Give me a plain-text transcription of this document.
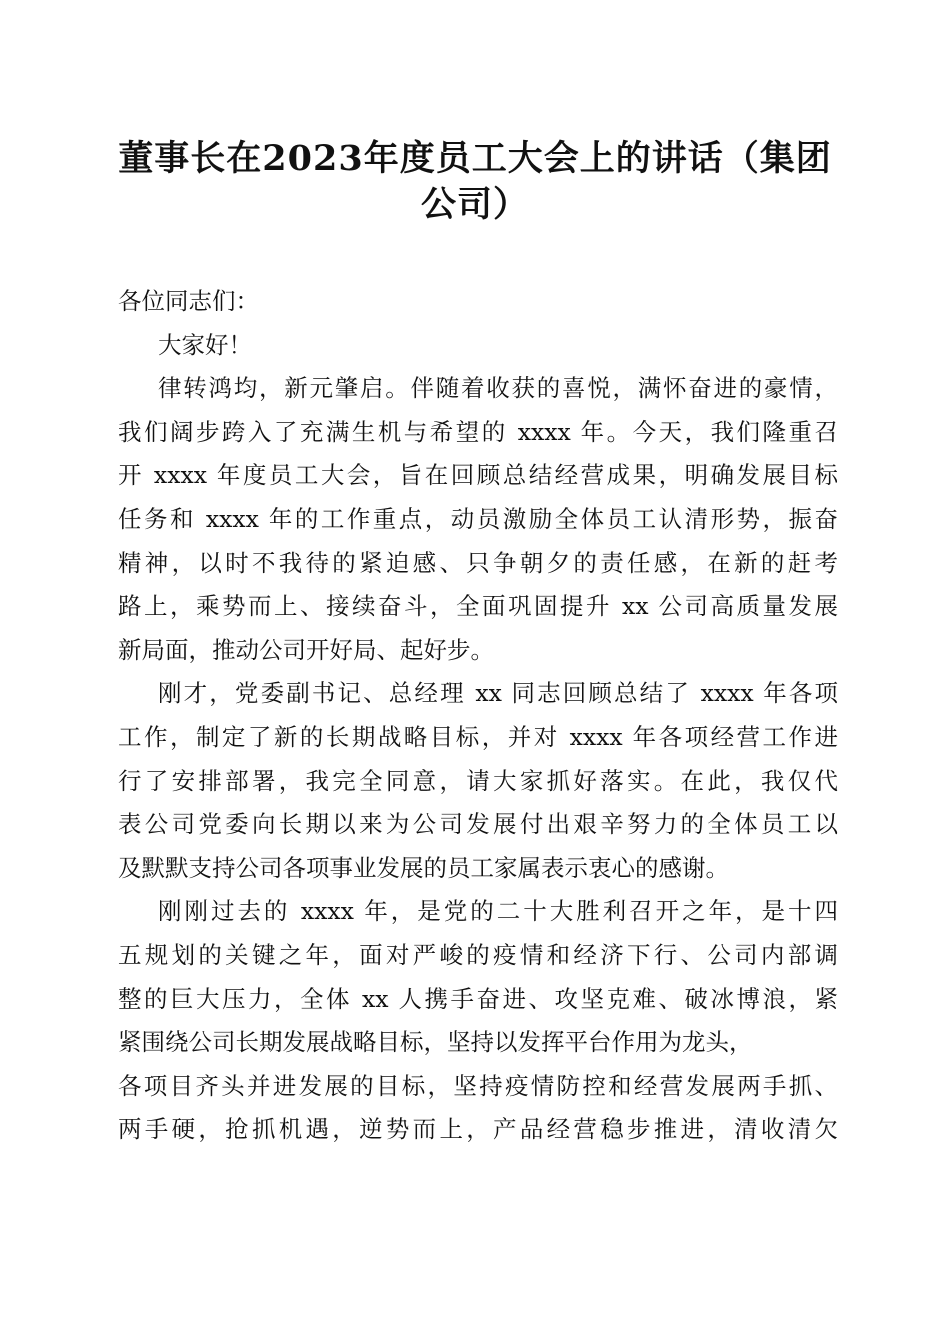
董事长在2023年度员工大会上的讲话（集团
公司）
各位同志们：
大家好！
律转鸿均，新元肇启。伴随着收获的喜悦，满怀奋进的豪情，
我们阔步跨入了充满生机与希望的 xxxx 年。今天，我们隆重召
开 xxxx 年度员工大会，旨在回顾总结经营成果，明确发展目标
任务和 xxxx 年的工作重点，动员激励全体员工认清形势，振奋
精神，以时不我待的紧迫感、只争朝夕的责任感，在新的赶考
路上，乘势而上、接续奋斗，全面巩固提升 xx 公司高质量发展
新局面，推动公司开好局、起好步。
刚才，党委副书记、总经理 xx 同志回顾总结了 xxxx 年各项
工作，制定了新的长期战略目标，并对 xxxx 年各项经营工作进
行了安排部署，我完全同意，请大家抓好落实。在此，我仅代
表公司党委向长期以来为公司发展付出艰辛努力的全体员工以
及默默支持公司各项事业发展的员工家属表示衷心的感谢。
刚刚过去的 xxxx 年，是党的二十大胜利召开之年，是十四
五规划的关键之年，面对严峻的疫情和经济下行、公司内部调
整的巨大压力，全体 xx 人携手奋进、攻坚克难、破冰博浪，紧
紧围绕公司长期发展战略目标，坚持以发挥平台作用为龙头，
各项目齐头并进发展的目标，坚持疫情防控和经营发展两手抓、
两手硬，抢抓机遇，逆势而上，产品经营稳步推进，清收清欠
